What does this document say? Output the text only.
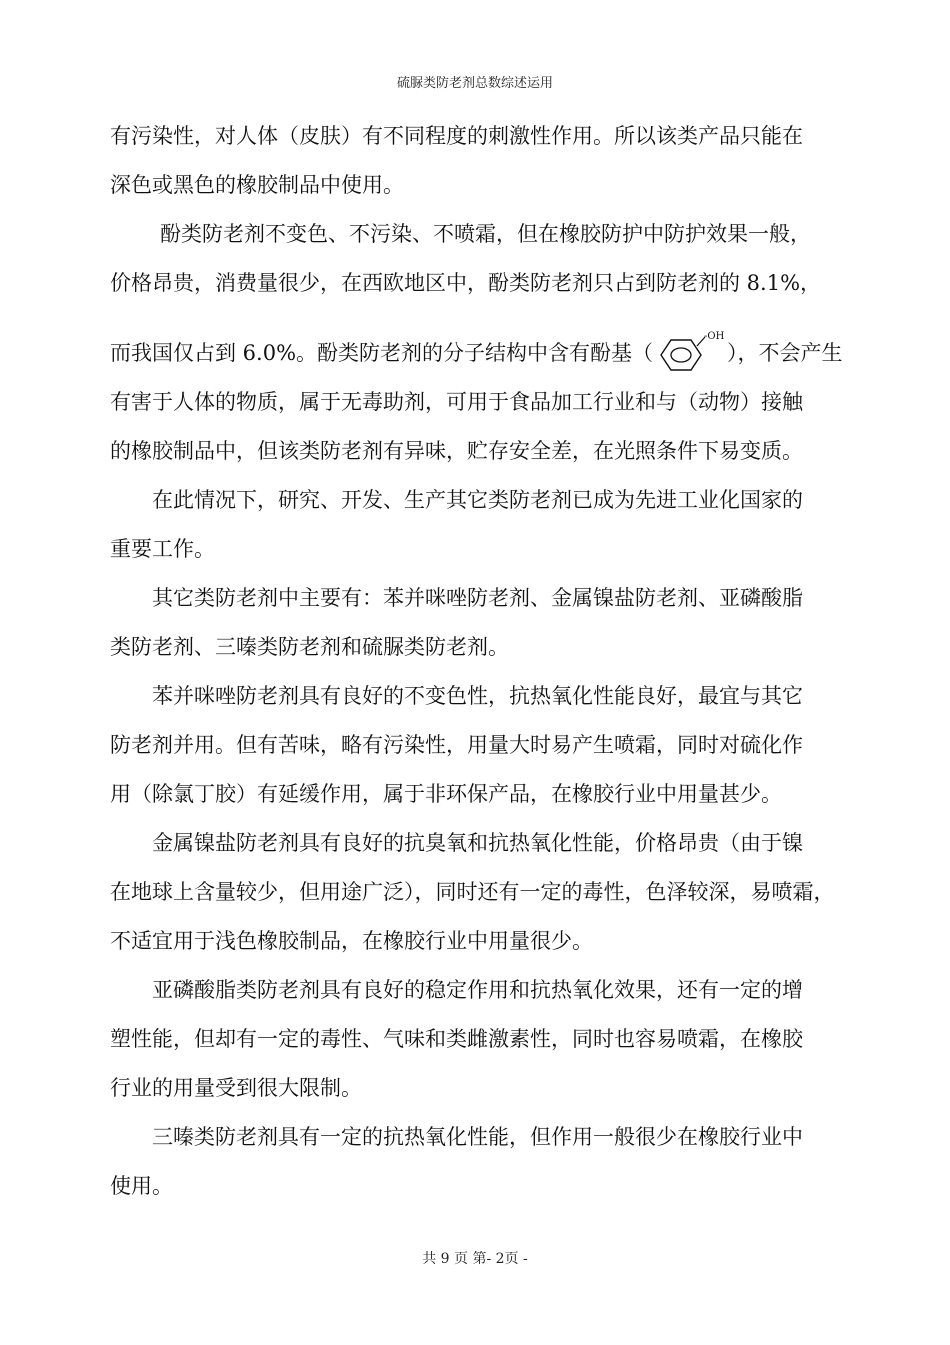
硫脲类防老剂总数综述运用
有污染性，对人体（皮肤）有不同程度的刺激性作用。所以该类产品只能在
深色或黑色的橡胶制品中使用。
酚类防老剂不变色、不污染、不喷霜，但在橡胶防护中防护效果一般，
价格昂贵，消费量很少，在西欧地区中，酚类防老剂只占到防老剂的 8.1%，
而我国仅占到 6.0%。酚类防老剂的分子结构中含有酚基（
-OH
），不会产生
有害于人体的物质，属于无毒助剂，可用于食品加工行业和与（动物）接触
的橡胶制品中，但该类防老剂有异味，贮存安全差，在光照条件下易变质。
在此情况下，研究、开发、生产其它类防老剂已成为先进工业化国家的
重要工作。
其它类防老剂中主要有：苯并咪唑防老剂、金属镍盐防老剂、亚磷酸脂
类防老剂、三嗪类防老剂和硫脲类防老剂。
苯并咪唑防老剂具有良好的不变色性，抗热氧化性能良好，最宜与其它
防老剂并用。但有苦味，略有污染性，用量大时易产生喷霜，同时对硫化作
用（除氯丁胶）有延缓作用，属于非环保产品，在橡胶行业中用量甚少。
金属镍盐防老剂具有良好的抗臭氧和抗热氧化性能，价格昂贵（由于镍
在地球上含量较少，但用途广泛），同时还有一定的毒性，色泽较深，易喷霜，
不适宜用于浅色橡胶制品，在橡胶行业中用量很少。
亚磷酸脂类防老剂具有良好的稳定作用和抗热氧化效果，还有一定的增
塑性能，但却有一定的毒性、气味和类雌激素性，同时也容易喷霜，在橡胶
行业的用量受到很大限制。
三嗪类防老剂具有一定的抗热氧化性能，但作用一般很少在橡胶行业中
使用。
共 9 页 第- 2页 -
